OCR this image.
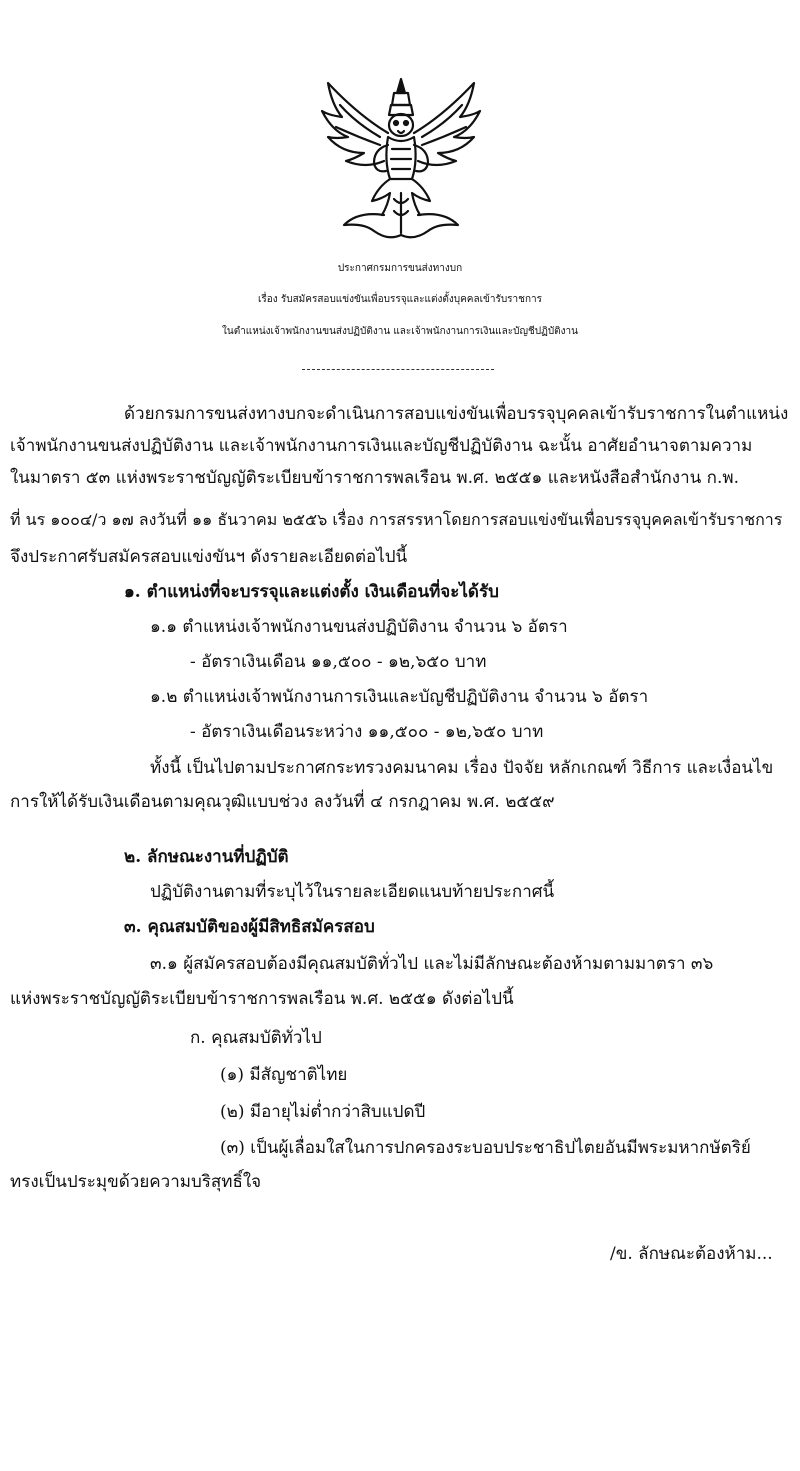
ประกาศกรมการขนส่งทางบก
เรื่อง รับสมัครสอบแข่งขันเพื่อบรรจุและแต่งตั้งบุคคลเข้ารับราชการ
ในตำแหน่งเจ้าพนักงานขนส่งปฏิบัติงาน และเจ้าพนักงานการเงินและบัญชีปฏิบัติงาน
ด้วยกรมการขนส่งทางบกจะดำเนินการสอบแข่งขันเพื่อบรรจุบุคคลเข้ารับราชการในตำแหน่ง
เจ้าพนักงานขนส่งปฏิบัติงาน และเจ้าพนักงานการเงินและบัญชีปฏิบัติงาน ฉะนั้น อาศัยอำนาจตามความ
ในมาตรา ๕๓ แห่งพระราชบัญญัติระเบียบข้าราชการพลเรือน พ.ศ. ๒๕๕๑ และหนังสือสำนักงาน ก.พ.
ที่ นร ๑๐๐๔/ว ๑๗ ลงวันที่ ๑๑ ธันวาคม ๒๕๕๖ เรื่อง การสรรหาโดยการสอบแข่งขันเพื่อบรรจุบุคคลเข้ารับราชการ
จึงประกาศรับสมัครสอบแข่งขันฯ ดังรายละเอียดต่อไปนี้
๑. ตำแหน่งที่จะบรรจุและแต่งตั้ง เงินเดือนที่จะได้รับ
๑.๑ ตำแหน่งเจ้าพนักงานขนส่งปฏิบัติงาน จำนวน ๖ อัตรา
- อัตราเงินเดือน ๑๑,๕๐๐ - ๑๒,๖๕๐ บาท
๑.๒ ตำแหน่งเจ้าพนักงานการเงินและบัญชีปฏิบัติงาน จำนวน ๖ อัตรา
- อัตราเงินเดือนระหว่าง ๑๑,๕๐๐ - ๑๒,๖๕๐ บาท
ทั้งนี้ เป็นไปตามประกาศกระทรวงคมนาคม เรื่อง ปัจจัย หลักเกณฑ์ วิธีการ และเงื่อนไข
การให้ได้รับเงินเดือนตามคุณวุฒิแบบช่วง ลงวันที่ ๔ กรกฎาคม พ.ศ. ๒๕๕๙
๒. ลักษณะงานที่ปฏิบัติ
ปฏิบัติงานตามที่ระบุไว้ในรายละเอียดแนบท้ายประกาศนี้
๓. คุณสมบัติของผู้มีสิทธิสมัครสอบ
๓.๑ ผู้สมัครสอบต้องมีคุณสมบัติทั่วไป และไม่มีลักษณะต้องห้ามตามมาตรา ๓๖
แห่งพระราชบัญญัติระเบียบข้าราชการพลเรือน พ.ศ. ๒๕๕๑ ดังต่อไปนี้
ก. คุณสมบัติทั่วไป
(๑) มีสัญชาติไทย
(๒) มีอายุไม่ต่ำกว่าสิบแปดปี
(๓) เป็นผู้เลื่อมใสในการปกครองระบอบประชาธิปไตยอันมีพระมหากษัตริย์
ทรงเป็นประมุขด้วยความบริสุทธิ์ใจ
/ข. ลักษณะต้องห้าม...
